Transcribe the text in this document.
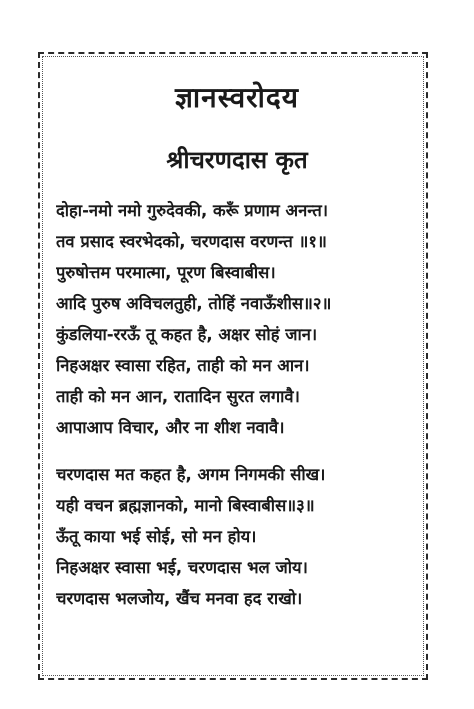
ज्ञानस्वरोदय
श्रीचरणदास कृत
दोहा-नमो नमो गुरुदेवकी, करूँ प्रणाम अनन्त।
तव प्रसाद स्वरभेदको, चरणदास वरणन्त ॥१॥
पुरुषोत्तम परमात्मा, पूरण बिस्वाबीस।
आदि पुरुष अविचलतुही, तोहिं नवाऊँशीस॥२॥
कुंडलिया-ररऊँ तू कहत है, अक्षर सोहं जान।
निहअक्षर स्वासा रहित, ताही को मन आन।
ताही को मन आन, रातादिन सुरत लगावै।
आपाआप विचार, और ना शीश नवावै।
चरणदास मत कहत है, अगम निगमकी सीख।
यही वचन ब्रह्मज्ञानको, मानो बिस्वाबीस॥३॥
ऊँतू काया भई सोई, सो मन होय।
निहअक्षर स्वासा भई, चरणदास भल जोय।
चरणदास भलजोय, खैंच मनवा हद राखो।
